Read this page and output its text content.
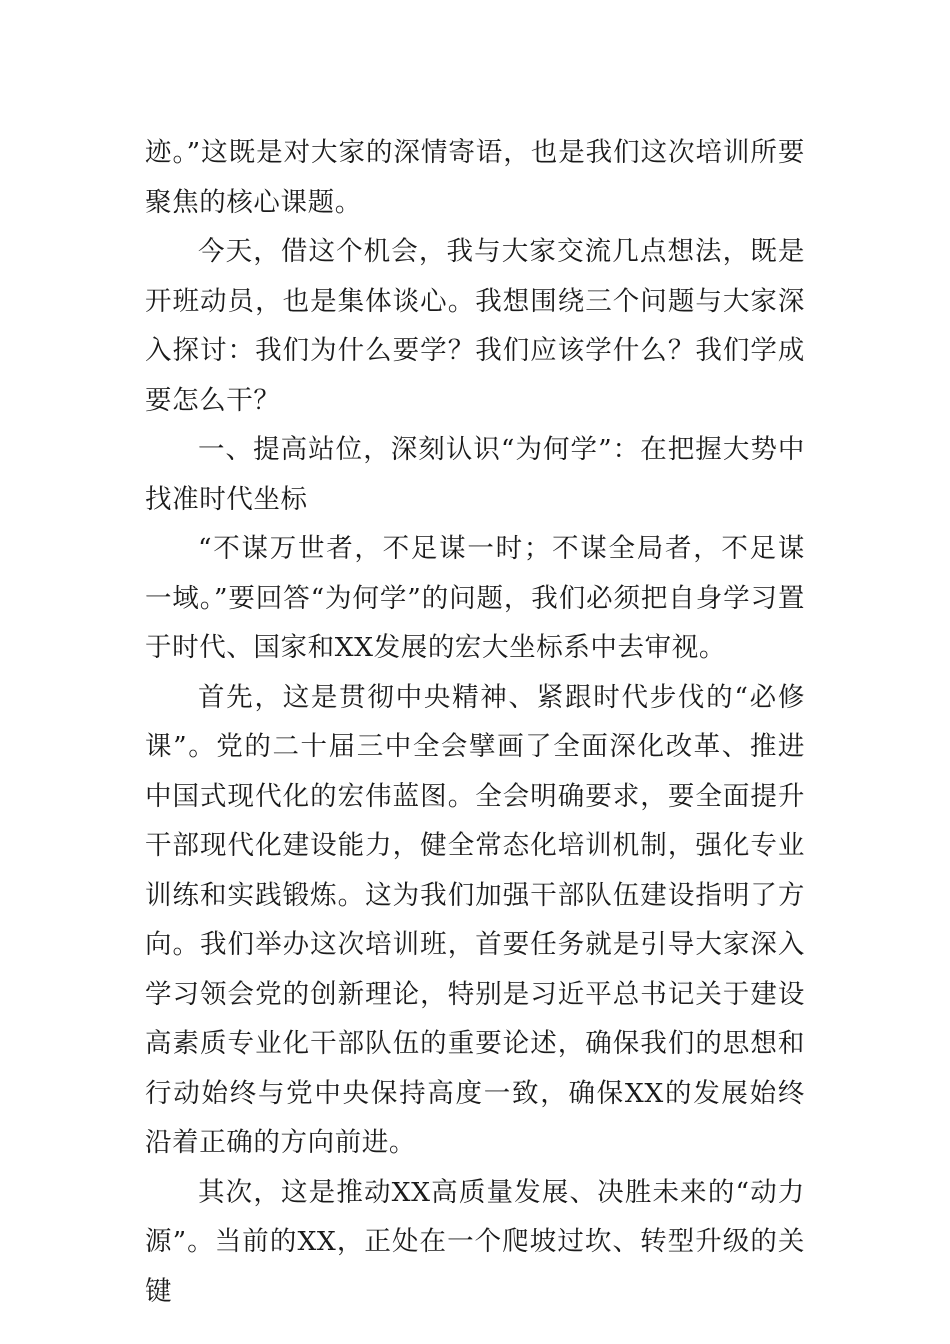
迹。”这既是对大家的深情寄语，也是我们这次培训所要聚焦的核心课题。

今天，借这个机会，我与大家交流几点想法，既是开班动员，也是集体谈心。我想围绕三个问题与大家深入探讨：我们为什么要学？我们应该学什么？我们学成要怎么干？

一、提高站位，深刻认识“为何学”：在把握大势中找准时代坐标

“不谋万世者，不足谋一时；不谋全局者，不足谋一域。”要回答“为何学”的问题，我们必须把自身学习置于时代、国家和XX发展的宏大坐标系中去审视。

首先，这是贯彻中央精神、紧跟时代步伐的“必修课”。党的二十届三中全会擘画了全面深化改革、推进中国式现代化的宏伟蓝图。全会明确要求，要全面提升干部现代化建设能力，健全常态化培训机制，强化专业训练和实践锻炼。这为我们加强干部队伍建设指明了方向。我们举办这次培训班，首要任务就是引导大家深入学习领会党的创新理论，特别是习近平总书记关于建设高素质专业化干部队伍的重要论述，确保我们的思想和行动始终与党中央保持高度一致，确保XX的发展始终沿着正确的方向前进。

其次，这是推动XX高质量发展、决胜未来的“动力源”。当前的XX，正处在一个爬坡过坎、转型升级的关键
